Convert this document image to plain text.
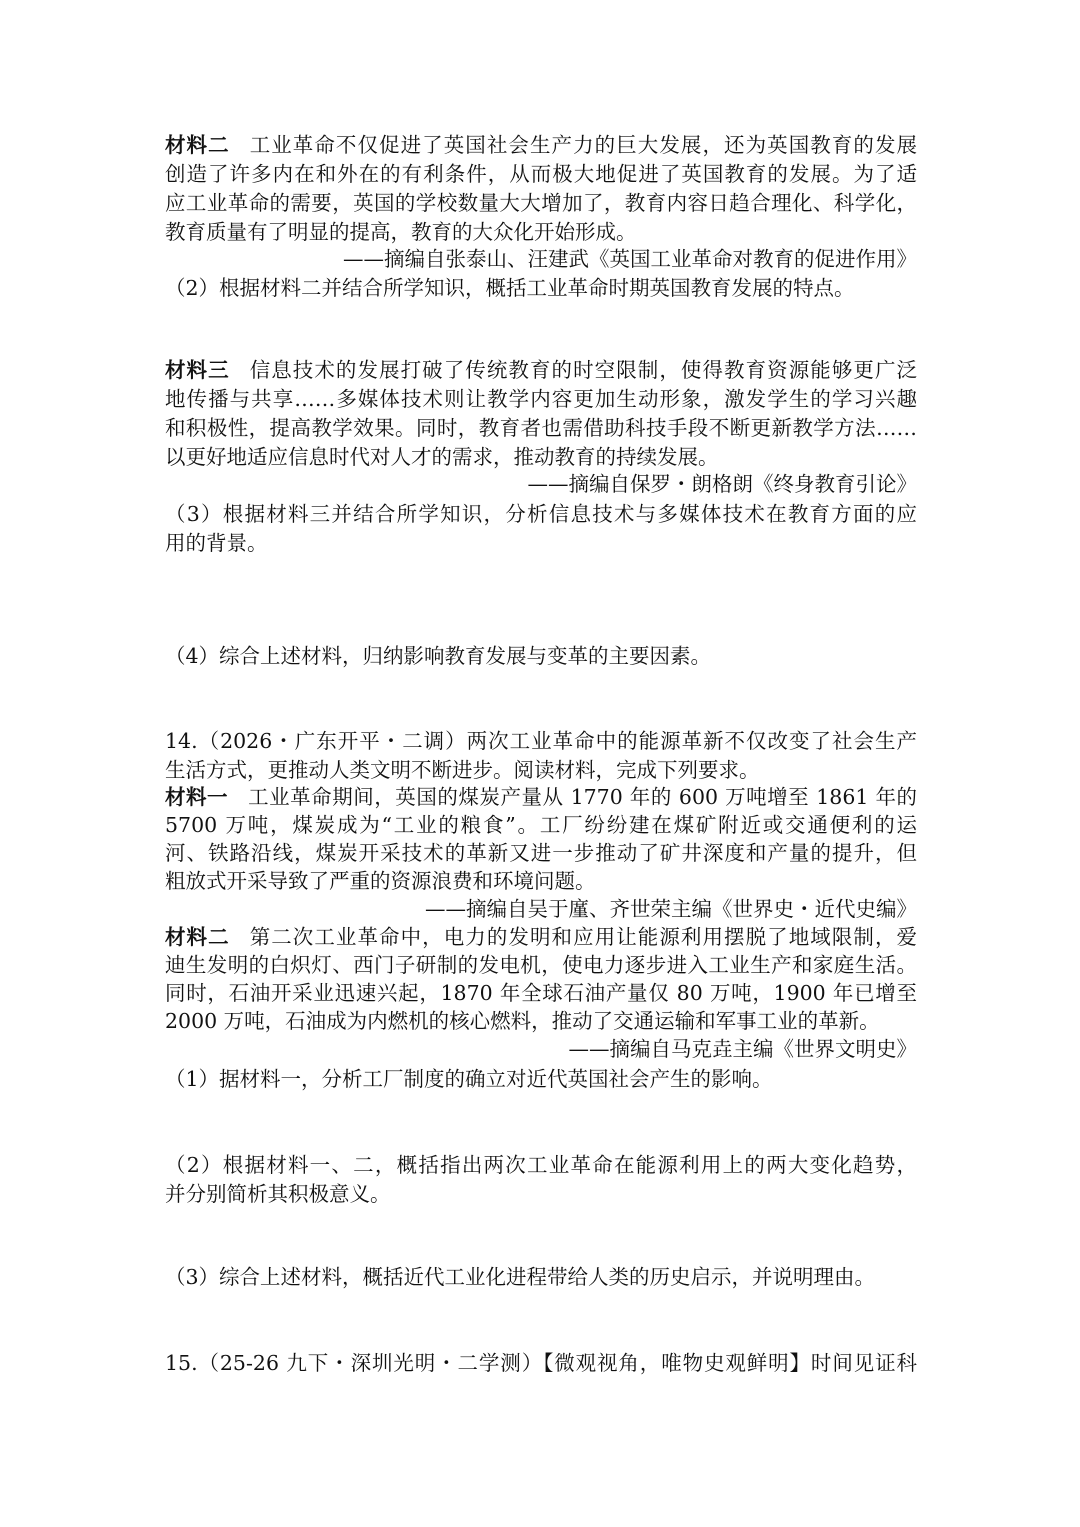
材料二 工业革命不仅促进了英国社会生产力的巨大发展，还为英国教育的发展
创造了许多内在和外在的有利条件，从而极大地促进了英国教育的发展。为了适
应工业革命的需要，英国的学校数量大大增加了，教育内容日趋合理化、科学化，
教育质量有了明显的提高，教育的大众化开始形成。
——摘编自张泰山、汪建武《英国工业革命对教育的促进作用》
（2）根据材料二并结合所学知识，概括工业革命时期英国教育发展的特点。
材料三 信息技术的发展打破了传统教育的时空限制，使得教育资源能够更广泛
地传播与共享……多媒体技术则让教学内容更加生动形象，激发学生的学习兴趣
和积极性，提高教学效果。同时，教育者也需借助科技手段不断更新教学方法……
以更好地适应信息时代对人才的需求，推动教育的持续发展。
——摘编自保罗・朗格朗《终身教育引论》
（3）根据材料三并结合所学知识，分析信息技术与多媒体技术在教育方面的应
用的背景。
（4）综合上述材料，归纳影响教育发展与变革的主要因素。
14.（2026・广东开平・二调）两次工业革命中的能源革新不仅改变了社会生产
生活方式，更推动人类文明不断进步。阅读材料，完成下列要求。
材料一 工业革命期间，英国的煤炭产量从 1770 年的 600 万吨增至 1861 年的
5700 万吨，煤炭成为“工业的粮食”。工厂纷纷建在煤矿附近或交通便利的运
河、铁路沿线，煤炭开采技术的革新又进一步推动了矿井深度和产量的提升，但
粗放式开采导致了严重的资源浪费和环境问题。
——摘编自吴于廑、齐世荣主编《世界史・近代史编》
材料二 第二次工业革命中，电力的发明和应用让能源利用摆脱了地域限制，爱
迪生发明的白炽灯、西门子研制的发电机，使电力逐步进入工业生产和家庭生活。
同时，石油开采业迅速兴起，1870 年全球石油产量仅 80 万吨，1900 年已增至
2000 万吨，石油成为内燃机的核心燃料，推动了交通运输和军事工业的革新。
——摘编自马克垚主编《世界文明史》
（1）据材料一，分析工厂制度的确立对近代英国社会产生的影响。
（2）根据材料一、二，概括指出两次工业革命在能源利用上的两大变化趋势，
并分别简析其积极意义。
（3）综合上述材料，概括近代工业化进程带给人类的历史启示，并说明理由。
15.（25-26 九下・深圳光明・二学测）【微观视角，唯物史观鲜明】时间见证科
